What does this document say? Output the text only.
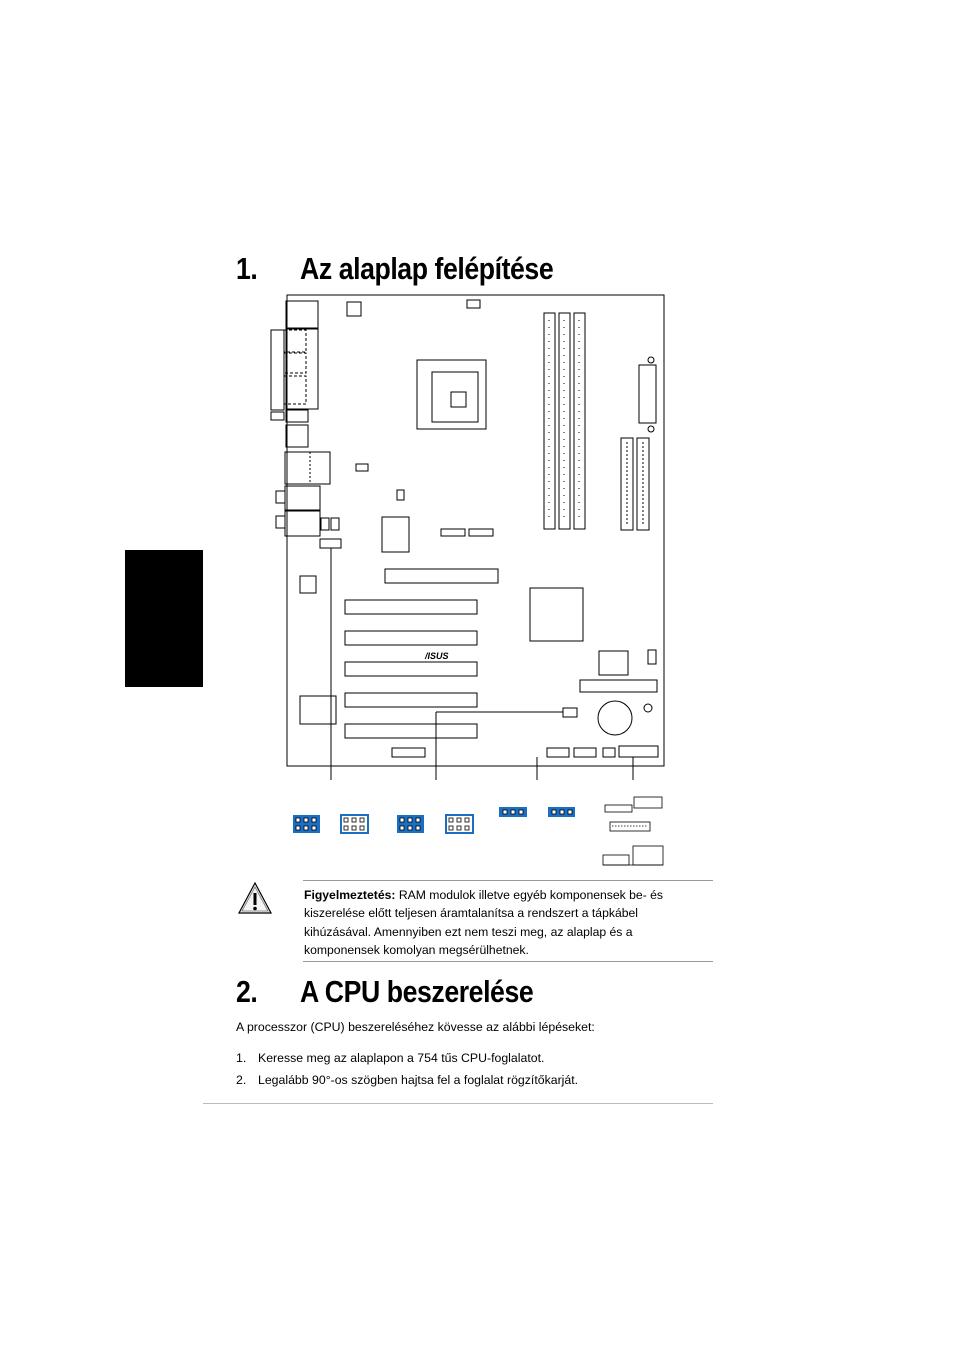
1. Az alaplap felépítése
/ISUS
Figyelmeztetés: RAM modulok illetve egyéb komponensek be- és kiszerelése előtt teljesen áramtalanítsa a rendszert a tápkábel kihúzásával. Amennyiben ezt nem teszi meg, az alaplap és a komponensek komolyan megsérülhetnek.
2. A CPU beszerelése
A processzor (CPU) beszereléséhez kövesse az alábbi lépéseket:
1. Keresse meg az alaplapon a 754 tűs CPU-foglalatot.
2. Legalább 90°-os szögben hajtsa fel a foglalat rögzítőkarját.
